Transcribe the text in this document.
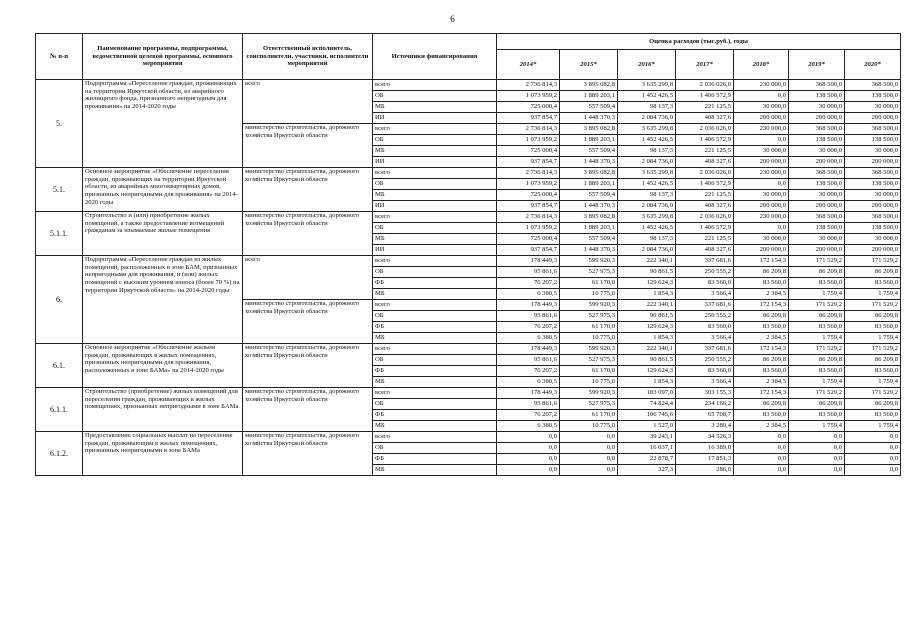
6
№ п-п	Наименование программы, подпрограммы, ведомственной целевой программы, основного мероприятия	Ответственный исполнитель, соисполнители, участники, исполнители мероприятий	Источники финансирования	Оценка расходов (тыс.руб.), годы						
				2014*	2015*	2016*	2017*	2018*	2019*	2020*
5.	Подпрограмма «Переселение граждан, проживающих на территории Иркутской области, из аварийного жилищного фонда, признанного непригодным для проживания» на 2014-2020 годы	всего	всего	2 736 814,3	3 895 082,8	3 635 299,8	2 036 026,0	230 000,0	368 500,0	368 500,0
			ОБ	1 073 959,2	1 889 203,1	1 452 426,5	1 406 572,9	0,0	138 500,0	138 500,0
			МБ	725 000,4	557 509,4	98 137,3	221 125,5	30 000,0	30 000,0	30 000,0
			ИИ	937 854,7	1 448 370,3	2 084 736,0	408 327,6	200 000,0	200 000,0	200 000,0
		министерство строительства, дорожного хозяйства Иркутской области	всего	2 736 814,3	3 895 082,8	3 635 299,8	2 036 026,0	230 000,0	368 500,0	368 500,0
			ОБ	1 073 959,2	1 889 203,1	1 452 426,5	1 406 572,9	0,0	138 500,0	138 500,0
			МБ	725 000,4	557 509,4	98 137,3	221 125,5	30 000,0	30 000,0	30 000,0
			ИИ	937 854,7	1 448 370,3	2 084 736,0	408 327,6	200 000,0	200 000,0	200 000,0
5.1.	Основное мероприятие «Обеспечение переселения граждан, проживающих на территории Иркутской области, из аварийных многоквартирных домов, признанных непригодными для проживания» на 2014-2020 годы	министерство строительства, дорожного хозяйства Иркутской области	всего	2 736 814,3	3 895 082,8	3 635 299,8	2 036 026,0	230 000,0	368 500,0	368 500,0
			ОБ	1 073 959,2	1 889 203,1	1 452 426,5	1 406 572,9	0,0	138 500,0	138 500,0
			МБ	725 000,4	557 509,4	98 137,3	221 125,5	30 000,0	30 000,0	30 000,0
			ИИ	937 854,7	1 448 370,3	2 084 736,0	408 327,6	200 000,0	200 000,0	200 000,0
5.1.1.	Строительство и (или) приобретение жилых помещений, а также предоставление возмещений гражданам за изымаемые жилые помещения	министерство строительства, дорожного хозяйства Иркутской области	всего	2 736 814,3	3 895 082,8	3 635 299,8	2 036 026,0	230 000,0	368 500,0	368 500,0
			ОБ	1 073 959,2	1 889 203,1	1 452 426,5	1 406 572,9	0,0	138 500,0	138 500,0
			МБ	725 000,4	557 509,4	98 137,3	221 125,5	30 000,0	30 000,0	30 000,0
			ИИ	937 854,7	1 448 370,3	2 084 736,0	408 327,6	200 000,0	200 000,0	200 000,0
6.	Подпрограмма «Переселение граждан из жилых помещений, расположенных в зоне БАМ, признанных непригодными для проживания, и (или) жилых помещений с высоким уровнем износа (более 70 %) на территории Иркутской области» на 2014-2020 годы	всего	всего	178 449,3	599 920,3	222 340,1	337 681,6	172 154,3	171 529,2	171 529,2
			ОБ	95 861,6	527 975,3	90 861,5	250 555,2	86 209,8	86 209,8	86 209,8
			ФБ	76 207,2	61 170,0	129 624,3	83 560,0	83 560,0	83 560,0	83 560,0
			МБ	6 380,5	10 775,0	1 854,3	3 566,4	2 384,5	1 759,4	1 759,4
		министерство строительства, дорожного хозяйства Иркутской области	всего	178 449,3	599 920,3	222 340,1	337 681,6	172 154,3	171 529,2	171 529,2
			ОБ	95 861,6	527 975,3	90 861,5	250 555,2	86 209,8	86 209,8	86 209,8
			ФБ	76 207,2	61 170,0	129 624,3	83 560,0	83 560,0	83 560,0	83 560,0
			МБ	6 380,5	10 775,0	1 854,3	3 566,4	2 384,5	1 759,4	1 759,4
6.1.	Основное мероприятие «Обеспечение жильем граждан, проживающих в жилых помещениях, признанных непригодными для проживания, расположенных в зоне БАМа» на 2014-2020 годы	министерство строительства, дорожного хозяйства Иркутской области	всего	178 449,3	599 920,3	222 340,1	337 681,6	172 154,3	171 529,2	171 529,2
			ОБ	95 861,6	527 975,3	90 861,5	250 555,2	86 209,8	86 209,8	86 209,8
			ФБ	76 207,2	61 170,0	129 624,3	83 560,0	83 560,0	83 560,0	83 560,0
			МБ	6 380,5	10 775,0	1 854,3	3 566,4	2 384,5	1 759,4	1 759,4
6.1.1.	Строительство (приобретение) жилых помещений для переселения граждан, проживающих в жилых помещениях, признанных непригодными в зоне БАМа	министерство строительства, дорожного хозяйства Иркутской области	всего	178 449,3	599 920,3	183 097,0	303 155,3	172 154,3	171 529,2	171 529,2
			ОБ	95 861,6	527 975,3	74 824,4	234 166,2	86 209,8	86 209,8	86 209,8
			ФБ	76 207,2	61 170,0	106 745,6	65 708,7	83 560,0	83 560,0	83 560,0
			МБ	6 380,5	10 775,0	1 527,0	3 280,4	2 384,5	1 759,4	1 759,4
6.1.2.	Предоставление социальных выплат на переселение граждан, проживающим в жилых помещениях, признанных непригодными в зоне БАМа	министерство строительства, дорожного хозяйства Иркутской области	всего	0,0	0,0	39 243,1	34 526,3	0,0	0,0	0,0
			ОБ	0,0	0,0	16 037,1	16 389,0	0,0	0,0	0,0
			ФБ	0,0	0,0	22 878,7	17 851,3	0,0	0,0	0,0
			МБ	0,0	0,0	327,3	286,0	0,0	0,0	0,0
